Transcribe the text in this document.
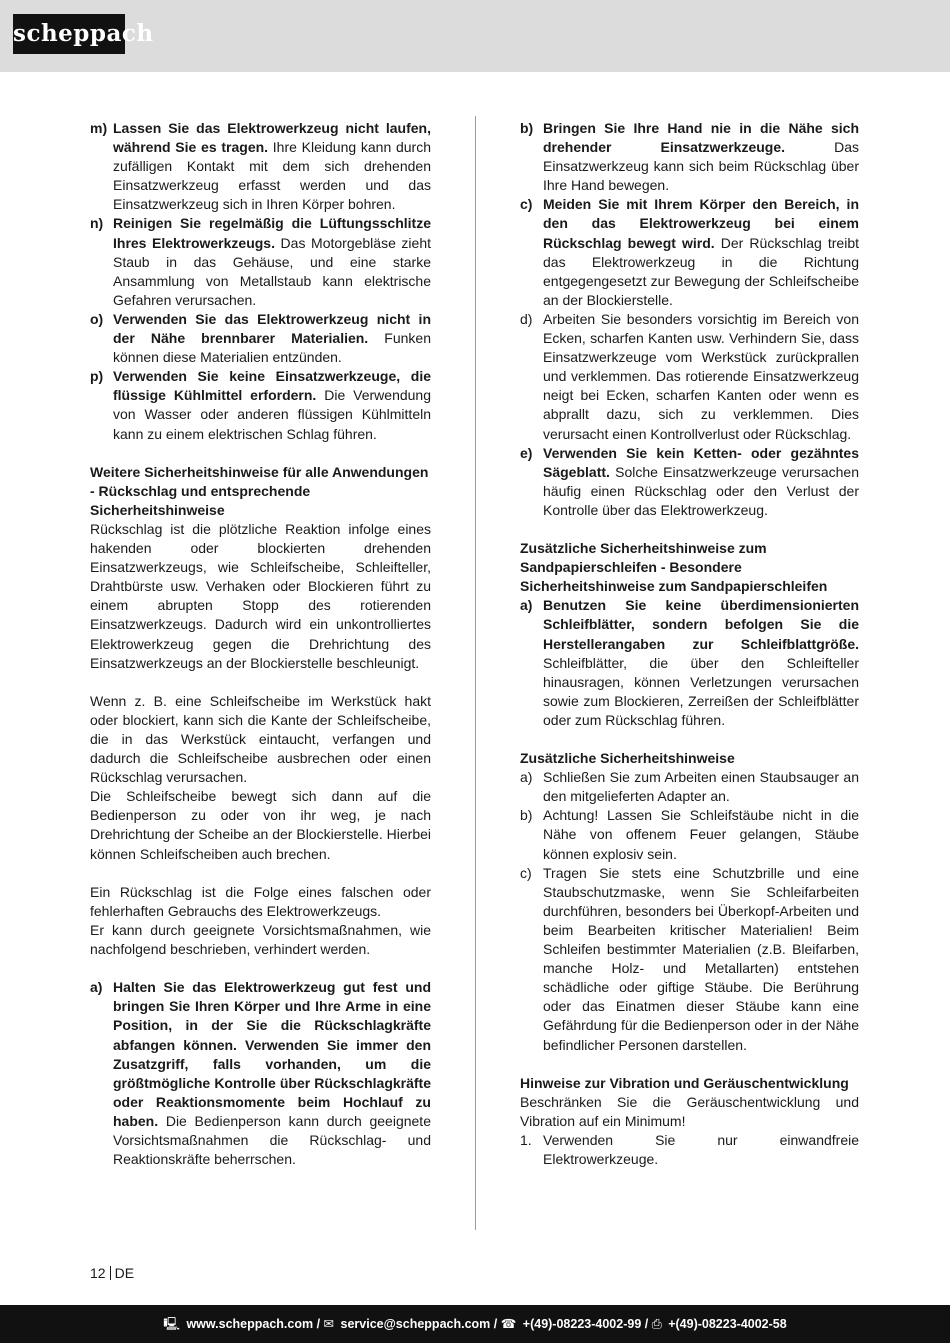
scheppach
m) Lassen Sie das Elektrowerkzeug nicht laufen, während Sie es tragen. Ihre Kleidung kann durch zufälligen Kontakt mit dem sich drehenden Einsatzwerkzeug erfasst werden und das Einsatzwerkzeug sich in Ihren Körper bohren.
n) Reinigen Sie regelmäßig die Lüftungsschlitze Ihres Elektrowerkzeugs. Das Motorgebläse zieht Staub in das Gehäuse, und eine starke Ansammlung von Metallstaub kann elektrische Gefahren verursachen.
o) Verwenden Sie das Elektrowerkzeug nicht in der Nähe brennbarer Materialien. Funken können diese Materialien entzünden.
p) Verwenden Sie keine Einsatzwerkzeuge, die flüssige Kühlmittel erfordern. Die Verwendung von Wasser oder anderen flüssigen Kühlmitteln kann zu einem elektrischen Schlag führen.

Weitere Sicherheitshinweise für alle Anwendungen - Rückschlag und entsprechende Sicherheitshinweise

Rückschlag ist die plötzliche Reaktion infolge eines hakenden oder blockierten drehenden Einsatzwerkzeugs, wie Schleifscheibe, Schleifteller, Drahtbürste usw. Verhaken oder Blockieren führt zu einem abrupten Stopp des rotierenden Einsatzwerkzeugs. Dadurch wird ein unkontrolliertes Elektrowerkzeug gegen die Drehrichtung des Einsatzwerkzeugs an der Blockierstelle beschleunigt.

Wenn z. B. eine Schleifscheibe im Werkstück hakt oder blockiert, kann sich die Kante der Schleifscheibe, die in das Werkstück eintaucht, verfangen und dadurch die Schleifscheibe ausbrechen oder einen Rückschlag verursachen.

Die Schleifscheibe bewegt sich dann auf die Bedienperson zu oder von ihr weg, je nach Drehrichtung der Scheibe an der Blockierstelle. Hierbei können Schleifscheiben auch brechen.

Ein Rückschlag ist die Folge eines falschen oder fehlerhaften Gebrauchs des Elektrowerkzeugs.

Er kann durch geeignete Vorsichtsmaßnahmen, wie nachfolgend beschrieben, verhindert werden.

a) Halten Sie das Elektrowerkzeug gut fest und bringen Sie Ihren Körper und Ihre Arme in eine Position, in der Sie die Rückschlagkräfte abfangen können. Verwenden Sie immer den Zusatzgriff, falls vorhanden, um die größtmögliche Kontrolle über Rückschlagkräfte oder Reaktionsmomente beim Hochlauf zu haben. Die Bedienperson kann durch geeignete Vorsichtsmaßnahmen die Rückschlag- und Reaktionskräfte beherrschen.
b) Bringen Sie Ihre Hand nie in die Nähe sich drehender Einsatzwerkzeuge. Das Einsatzwerkzeug kann sich beim Rückschlag über Ihre Hand bewegen.
c) Meiden Sie mit Ihrem Körper den Bereich, in den das Elektrowerkzeug bei einem Rückschlag bewegt wird. Der Rückschlag treibt das Elektrowerkzeug in die Richtung entgegengesetzt zur Bewegung der Schleifscheibe an der Blockierstelle.
d) Arbeiten Sie besonders vorsichtig im Bereich von Ecken, scharfen Kanten usw. Verhindern Sie, dass Einsatzwerkzeuge vom Werkstück zurückprallen und verklemmen. Das rotierende Einsatzwerkzeug neigt bei Ecken, scharfen Kanten oder wenn es abprallt dazu, sich zu verklemmen. Dies verursacht einen Kontrollverlust oder Rückschlag.
e) Verwenden Sie kein Ketten- oder gezähntes Sägeblatt. Solche Einsatzwerkzeuge verursachen häufig einen Rückschlag oder den Verlust der Kontrolle über das Elektrowerkzeug.

Zusätzliche Sicherheitshinweise zum Sandpapierschleifen - Besondere Sicherheitshinweise zum Sandpapierschleifen

a) Benutzen Sie keine überdimensionierten Schleifblätter, sondern befolgen Sie die Herstellerangaben zur Schleifblattgröße. Schleifblätter, die über den Schleifteller hinausragen, können Verletzungen verursachen sowie zum Blockieren, Zerreißen der Schleifblätter oder zum Rückschlag führen.

Zusätzliche Sicherheitshinweise

a) Schließen Sie zum Arbeiten einen Staubsauger an den mitgelieferten Adapter an.
b) Achtung! Lassen Sie Schleifstäube nicht in die Nähe von offenem Feuer gelangen, Stäube können explosiv sein.
c) Tragen Sie stets eine Schutzbrille und eine Staubschutzmaske, wenn Sie Schleifarbeiten durchführen, besonders bei Überkopf-Arbeiten und beim Bearbeiten kritischer Materialien! Beim Schleifen bestimmter Materialien (z.B. Bleifarben, manche Holz- und Metallarten) entstehen schädliche oder giftige Stäube. Die Berührung oder das Einatmen dieser Stäube kann eine Gefährdung für die Bedienperson oder in der Nähe befindlicher Personen darstellen.

Hinweise zur Vibration und Geräuschentwicklung

Beschränken Sie die Geräuschentwicklung und Vibration auf ein Minimum!

1. Verwenden Sie nur einwandfreie Elektrowerkzeuge.
12 DE
🖳 www.scheppach.com / ✉ service@scheppach.com / ☎ +(49)-08223-4002-99 / ⎙ +(49)-08223-4002-58
